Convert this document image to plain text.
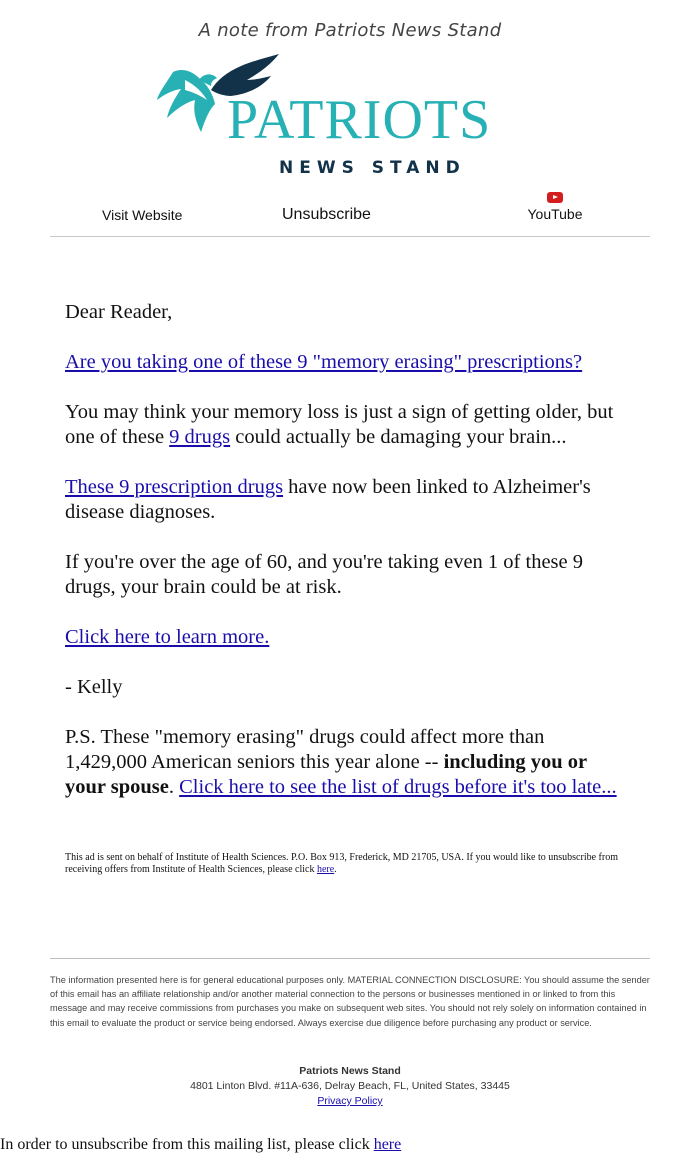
A note from Patriots News Stand
PATRIOTS
NEWS STAND
Visit Website	Unsubscribe	YouTube

Dear Reader,

Are you taking one of these 9 "memory erasing" prescriptions?

You may think your memory loss is just a sign of getting older, but one of these 9 drugs could actually be damaging your brain...

These 9 prescription drugs have now been linked to Alzheimer's disease diagnoses.

If you're over the age of 60, and you're taking even 1 of these 9 drugs, your brain could be at risk.

Click here to learn more.

- Kelly

P.S. These "memory erasing" drugs could affect more than 1,429,000 American seniors this year alone -- including you or your spouse. Click here to see the list of drugs before it's too late...

This ad is sent on behalf of Institute of Health Sciences. P.O. Box 913, Frederick, MD 21705, USA. If you would like to unsubscribe from receiving offers from Institute of Health Sciences, please click here.
The information presented here is for general educational purposes only. MATERIAL CONNECTION DISCLOSURE: You should assume the sender of this email has an affiliate relationship and/or another material connection to the persons or businesses mentioned in or linked to from this message and may receive commissions from purchases you make on subsequent web sites. You should not rely solely on information contained in this email to evaluate the product or service being endorsed. Always exercise due diligence before purchasing any product or service.
Patriots News Stand
4801 Linton Blvd. #11A-636, Delray Beach, FL, United States, 33445
Privacy Policy
In order to unsubscribe from this mailing list, please click here
